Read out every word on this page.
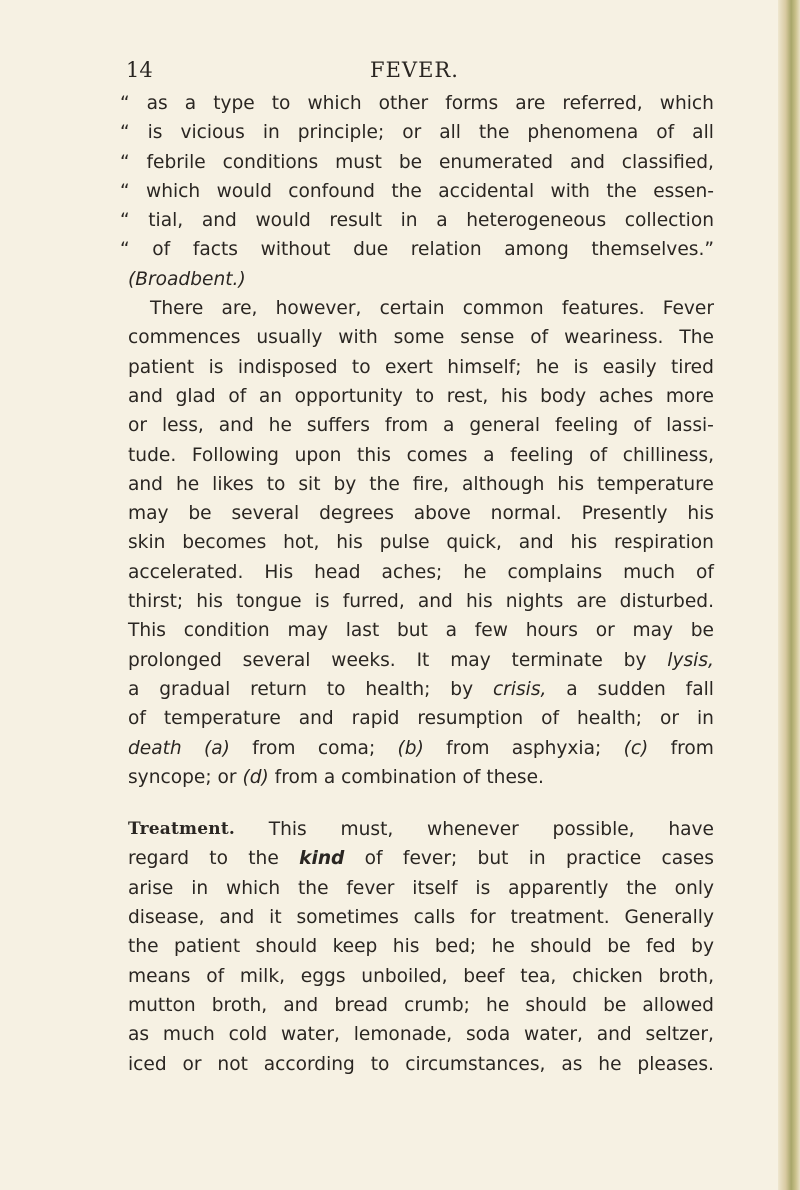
14	FEVER.
“ as a type to which other forms are referred, which
“ is vicious in principle; or all the phenomena of all
“ febrile conditions must be enumerated and classified,
“ which would confound the accidental with the essen-
“ tial, and would result in a heterogeneous collection
“ of facts without due relation among themselves.”
(Broadbent.)
There are, however, certain common features. Fever
commences usually with some sense of weariness. The
patient is indisposed to exert himself; he is easily tired
and glad of an opportunity to rest, his body aches more
or less, and he suffers from a general feeling of lassi-
tude. Following upon this comes a feeling of chilliness,
and he likes to sit by the fire, although his temperature
may be several degrees above normal. Presently his
skin becomes hot, his pulse quick, and his respiration
accelerated. His head aches; he complains much of
thirst; his tongue is furred, and his nights are disturbed.
This condition may last but a few hours or may be
prolonged several weeks. It may terminate by lysis,
a gradual return to health; by crisis, a sudden fall
of temperature and rapid resumption of health; or in
death (a) from coma; (b) from asphyxia; (c) from
syncope; or (d) from a combination of these.
Treatment. This must, whenever possible, have
regard to the kind of fever; but in practice cases
arise in which the fever itself is apparently the only
disease, and it sometimes calls for treatment. Generally
the patient should keep his bed; he should be fed by
means of milk, eggs unboiled, beef tea, chicken broth,
mutton broth, and bread crumb; he should be allowed
as much cold water, lemonade, soda water, and seltzer,
iced or not according to circumstances, as he pleases.
